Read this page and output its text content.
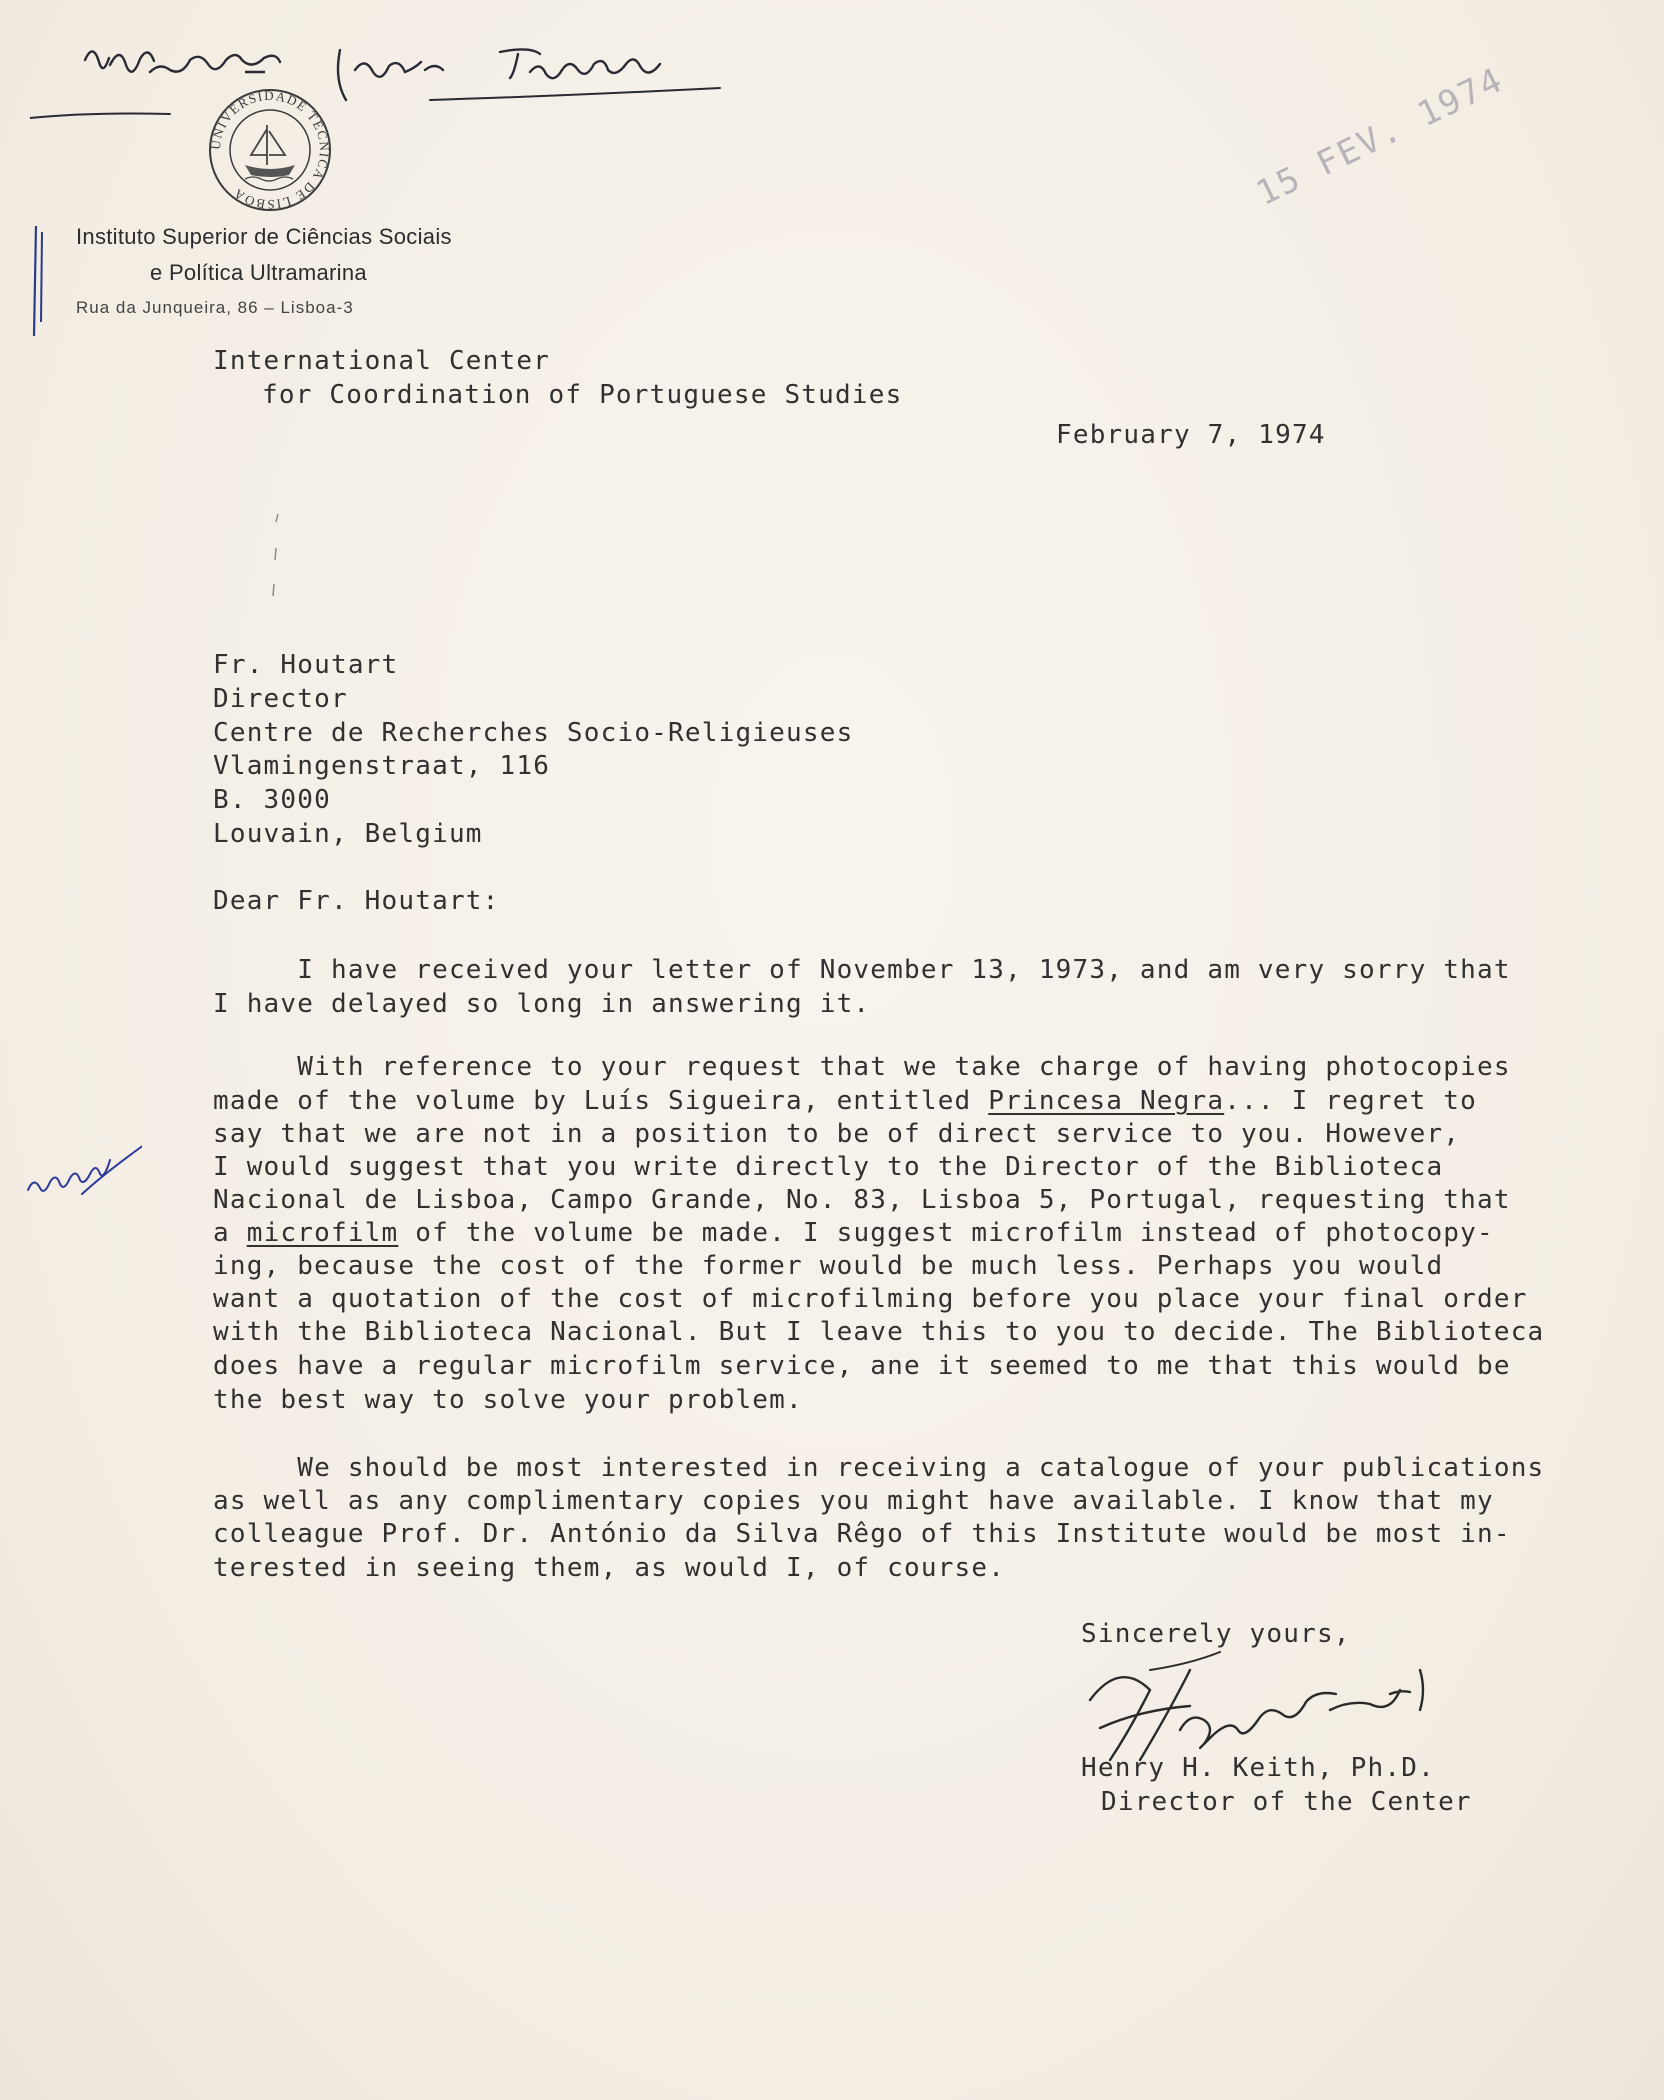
UNIVERSIDADE TÉCNICA DE LISBOA
Instituto Superior de Ciências Sociais
e Política Ultramarina
Rua da Junqueira, 86 – Lisboa-3
15 FEV. 1974
International Center
for Coordination of Portuguese Studies
February 7, 1974
Fr. Houtart
Director
Centre de Recherches Socio-Religieuses
Vlamingenstraat, 116
B. 3000
Louvain, Belgium
Dear Fr. Houtart:
I have received your letter of November 13, 1973, and am very sorry that
I have delayed so long in answering it.
With reference to your request that we take charge of having photocopies
made of the volume by Luís Sigueira, entitled Princesa Negra... I regret to
say that we are not in a position to be of direct service to you. However,
I would suggest that you write directly to the Director of the Biblioteca
Nacional de Lisboa, Campo Grande, No. 83, Lisboa 5, Portugal, requesting that
a microfilm of the volume be made. I suggest microfilm instead of photocopy-
ing, because the cost of the former would be much less. Perhaps you would
want a quotation of the cost of microfilming before you place your final order
with the Biblioteca Nacional. But I leave this to you to decide. The Biblioteca
does have a regular microfilm service, ane it seemed to me that this would be
the best way to solve your problem.
We should be most interested in receiving a catalogue of your publications
as well as any complimentary copies you might have available. I know that my
colleague Prof. Dr. António da Silva Rêgo of this Institute would be most in-
terested in seeing them, as would I, of course.
Sincerely yours,
Henry H. Keith, Ph.D.
Director of the Center
